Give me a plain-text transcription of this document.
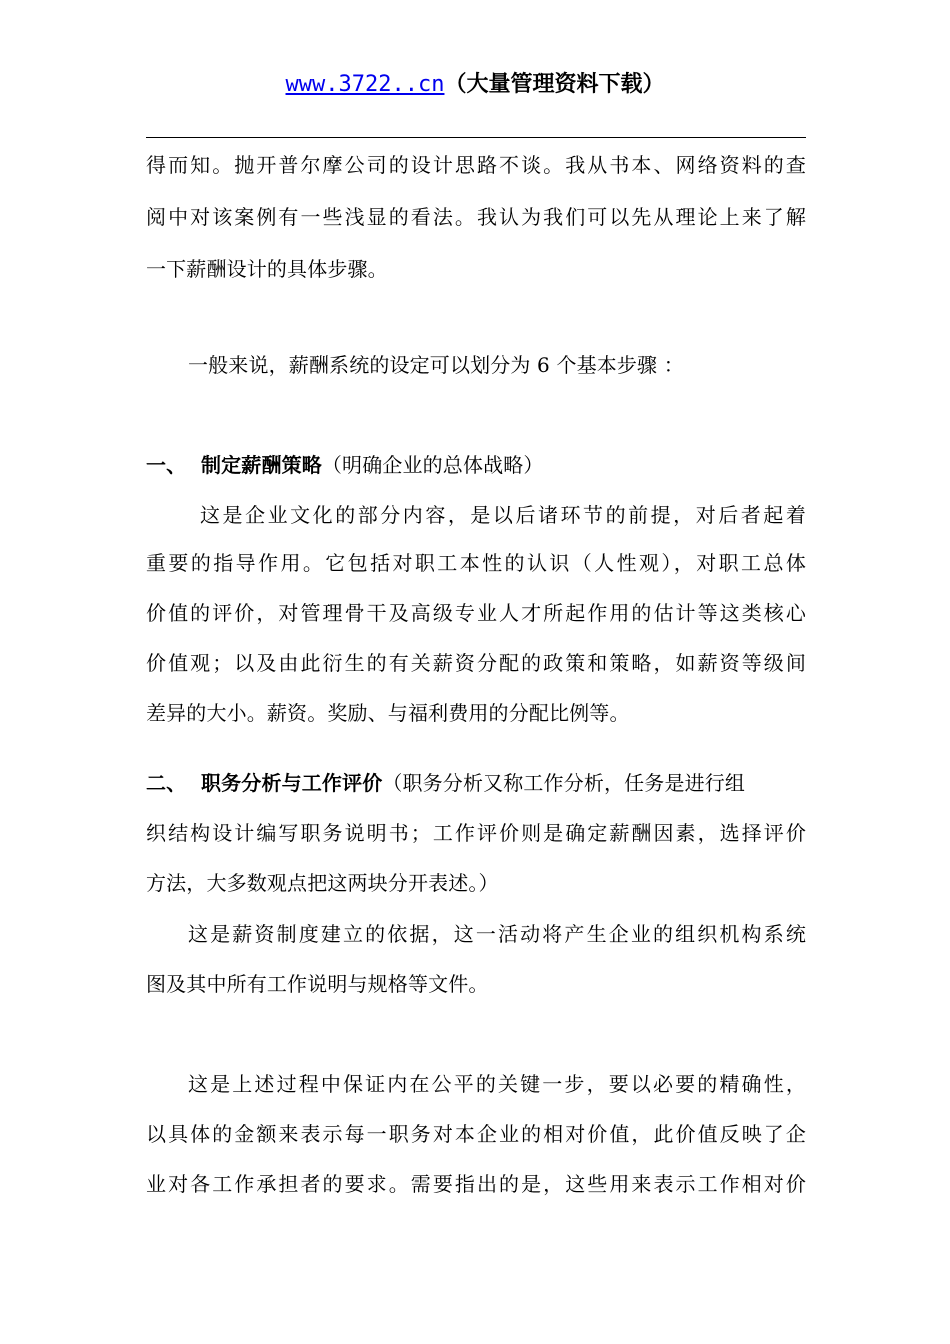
www.3722..cn（大量管理资料下载）
得而知。抛开普尔摩公司的设计思路不谈。我从书本、网络资料的查
阅中对该案例有一些浅显的看法。我认为我们可以先从理论上来了解
一下薪酬设计的具体步骤。
一般来说，薪酬系统的设定可以划分为 6 个基本步骤 ：
一、 制定薪酬策略（明确企业的总体战略）
这是企业文化的部分内容，是以后诸环节的前提，对后者起着
重要的指导作用。它包括对职工本性的认识（人性观），对职工总体
价值的评价，对管理骨干及高级专业人才所起作用的估计等这类核心
价值观；以及由此衍生的有关薪资分配的政策和策略，如薪资等级间
差异的大小。薪资。奖励、与福利费用的分配比例等。
二、 职务分析与工作评价（职务分析又称工作分析，任务是进行组
织结构设计编写职务说明书；工作评价则是确定薪酬因素，选择评价
方法，大多数观点把这两块分开表述。）
这是薪资制度建立的依据，这一活动将产生企业的组织机构系统
图及其中所有工作说明与规格等文件。
这是上述过程中保证内在公平的关键一步，要以必要的精确性，
以具体的金额来表示每一职务对本企业的相对价值，此价值反映了企
业对各工作承担者的要求。需要指出的是，这些用来表示工作相对价
